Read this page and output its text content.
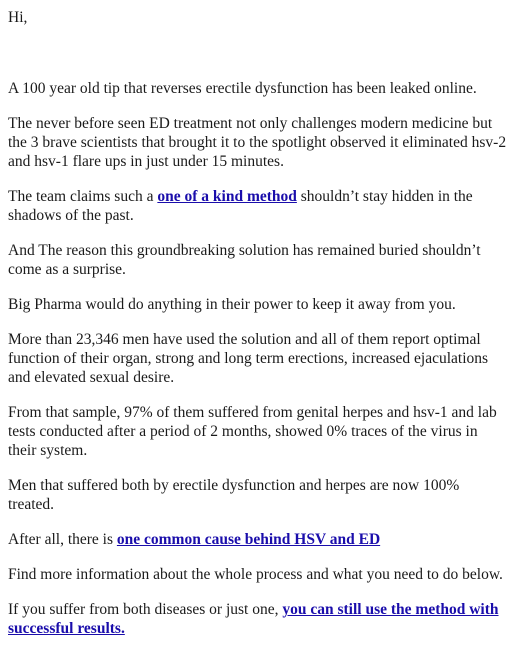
Hi,
A 100 year old tip that reverses erectile dysfunction has been leaked online.
The never before seen ED treatment not only challenges modern medicine but the 3 brave scientists that brought it to the spotlight observed it eliminated hsv-2 and hsv-1 flare ups in just under 15 minutes.
The team claims such a one of a kind method shouldn’t stay hidden in the shadows of the past.
And The reason this groundbreaking solution has remained buried shouldn’t come as a surprise.
Big Pharma would do anything in their power to keep it away from you.
More than 23,346 men have used the solution and all of them report optimal function of their organ, strong and long term erections, increased ejaculations and elevated sexual desire.
From that sample, 97% of them suffered from genital herpes and hsv-1 and lab tests conducted after a period of 2 months, showed 0% traces of the virus in their system.
Men that suffered both by erectile dysfunction and herpes are now 100% treated.
After all, there is one common cause behind HSV and ED
Find more information about the whole process and what you need to do below.
If you suffer from both diseases or just one, you can still use the method with successful results.
